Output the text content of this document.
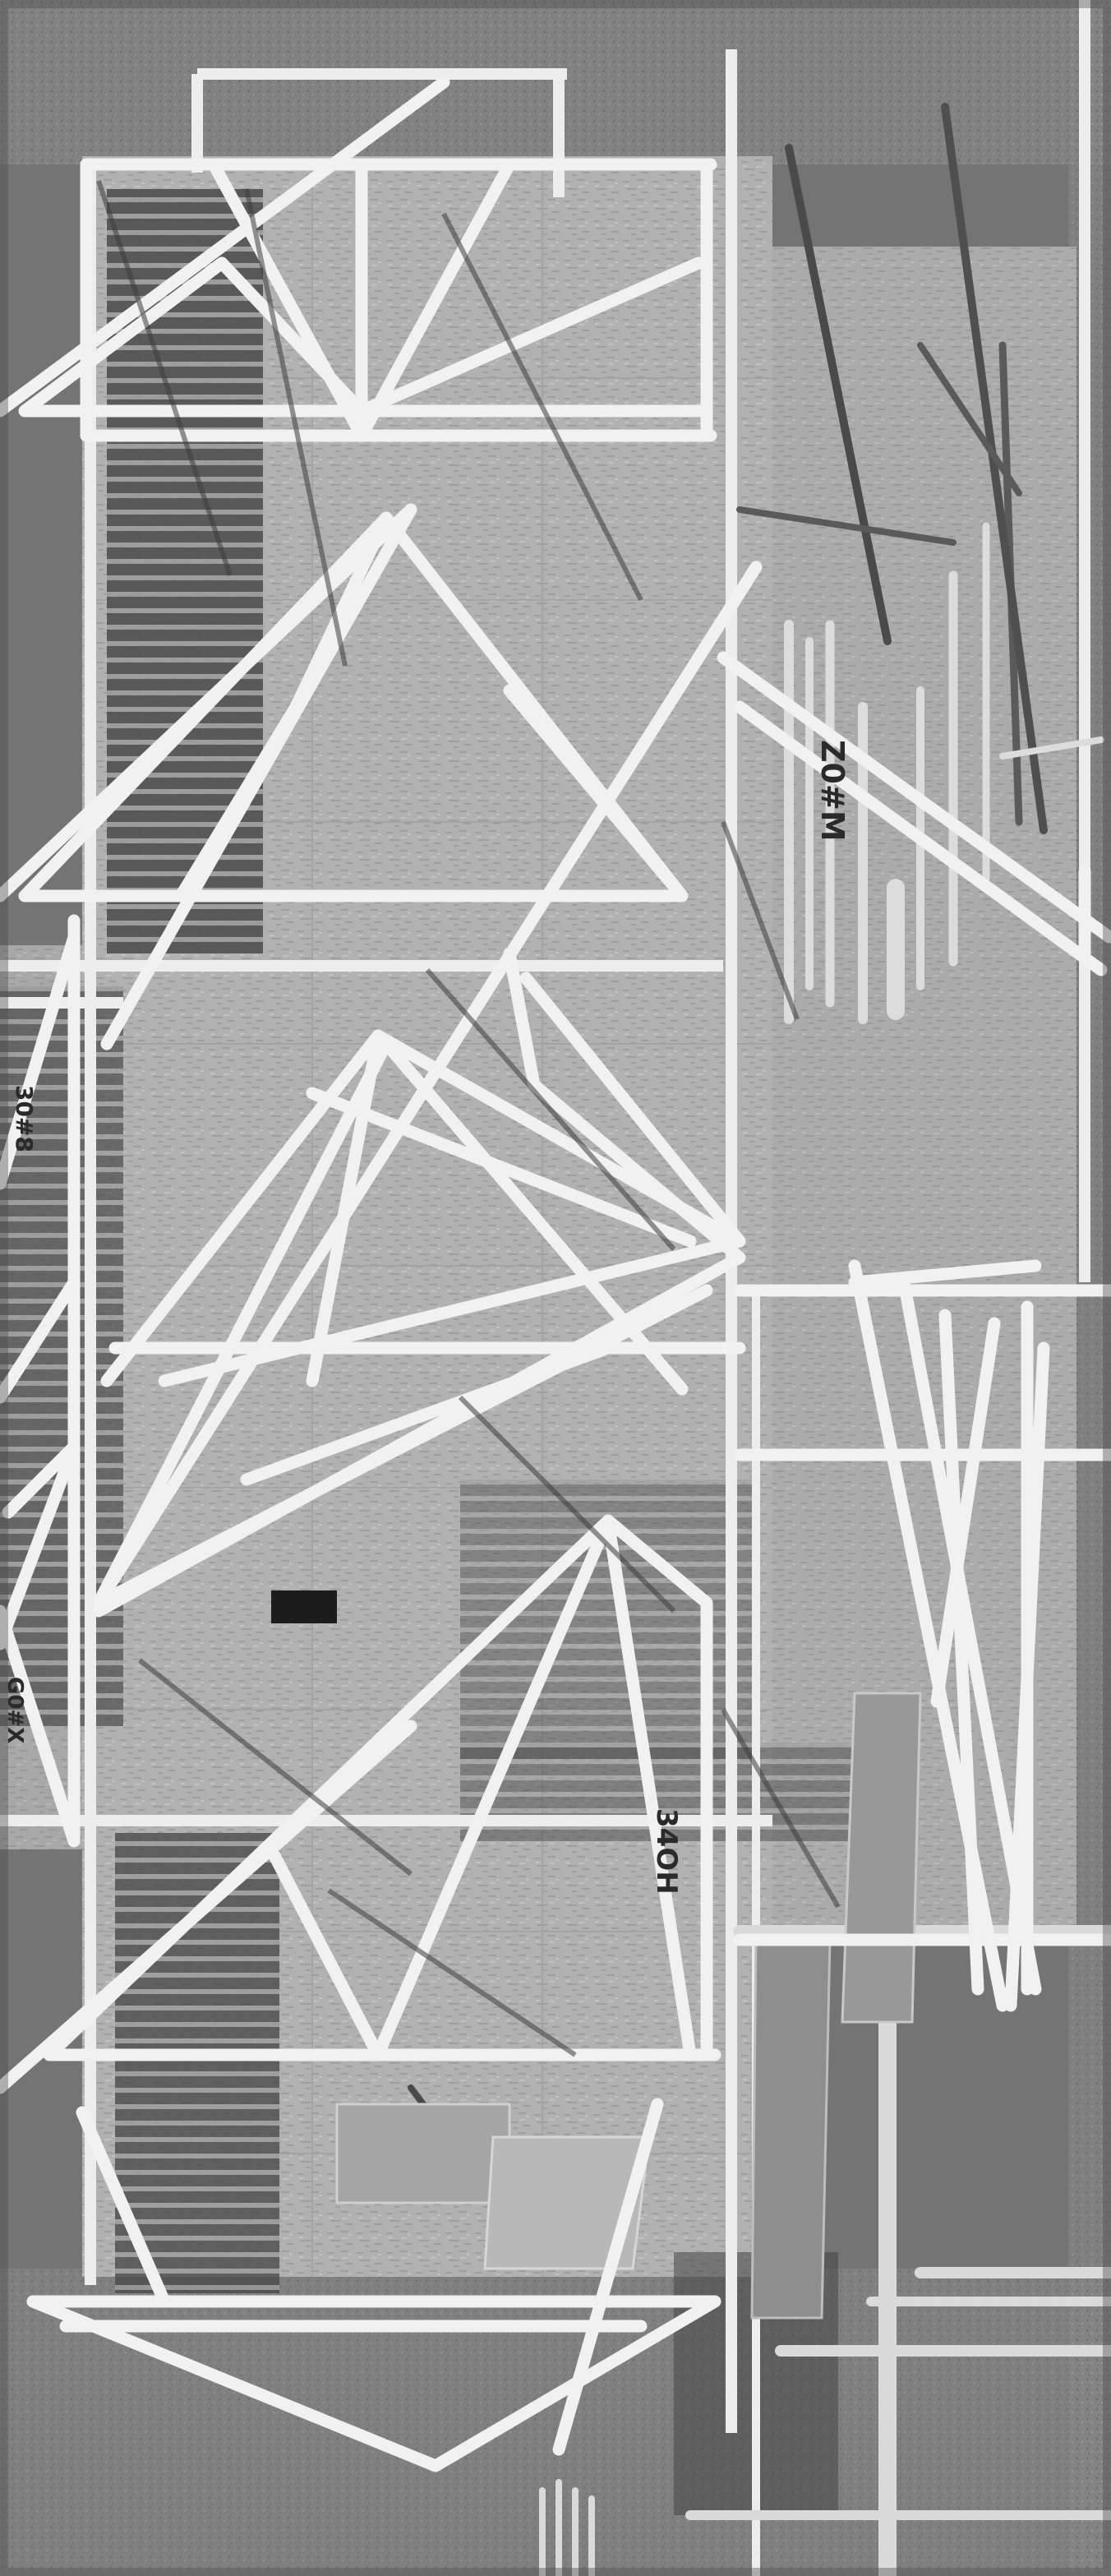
Z0#M
30#8
34OH
G0#X
